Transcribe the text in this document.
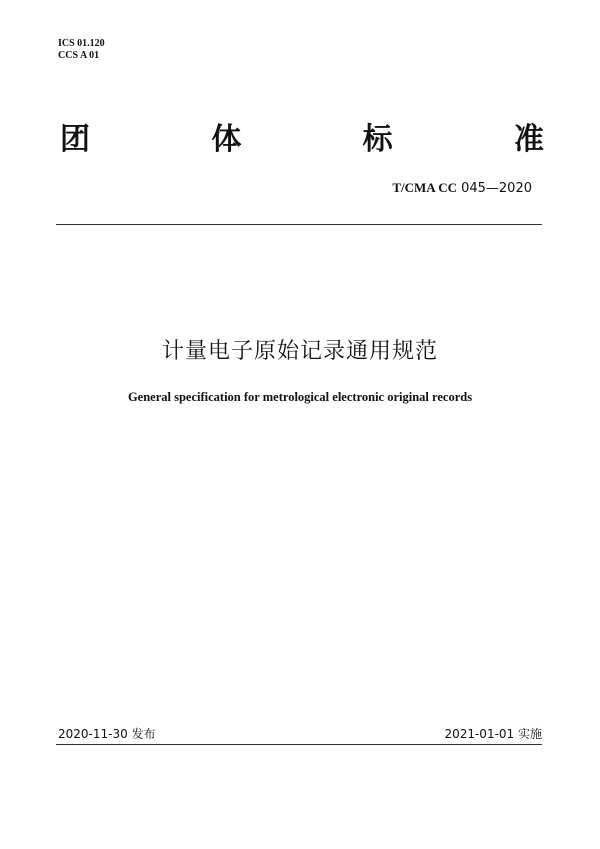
ICS 01.120
CCS A 01
团	体	标	准
T/CMA CC 045—2020
计量电子原始记录通用规范
General specification for metrological electronic original records
2020-11-30 发布	2021-01-01 实施
